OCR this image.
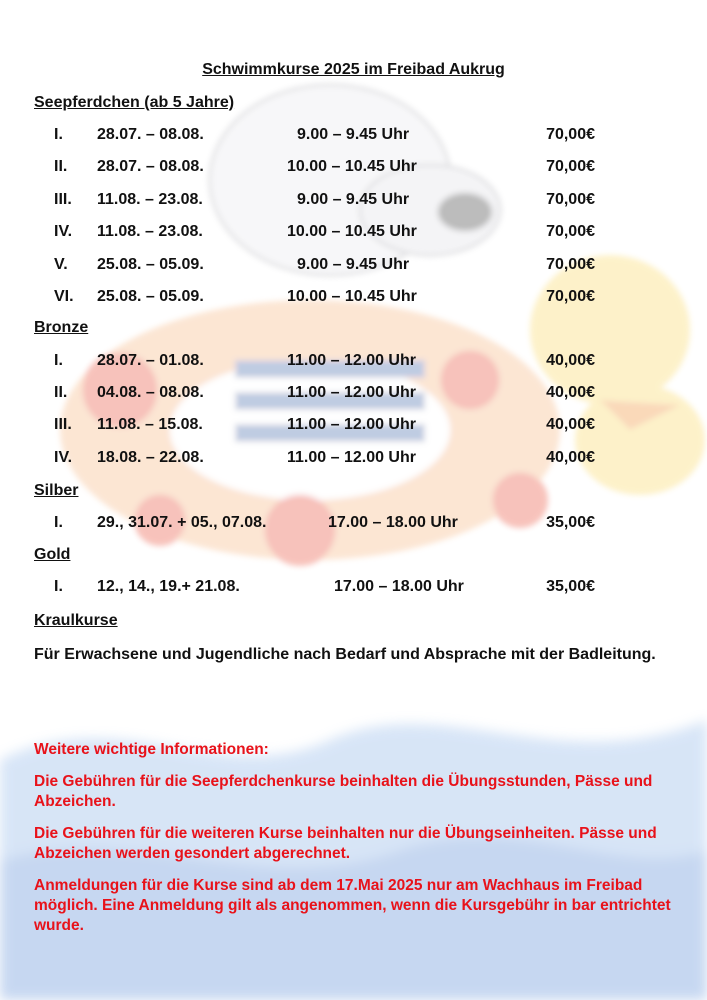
Schwimmkurse 2025 im Freibad Aukrug
Seepferdchen (ab 5 Jahre)
I. 28.07. – 08.08.	9.00 – 9.45 Uhr	70,00€
II. 28.07. – 08.08.	10.00 – 10.45 Uhr	70,00€
III. 11.08. – 23.08.	9.00 – 9.45 Uhr	70,00€
IV. 11.08. – 23.08.	10.00 – 10.45 Uhr	70,00€
V. 25.08. – 05.09.	9.00 – 9.45 Uhr	70,00€
VI. 25.08. – 05.09.	10.00 – 10.45 Uhr	70,00€
Bronze
I. 28.07. – 01.08.	11.00 – 12.00 Uhr	40,00€
II. 04.08. – 08.08.	11.00 – 12.00 Uhr	40,00€
III. 11.08. – 15.08.	11.00 – 12.00 Uhr	40,00€
IV. 18.08. – 22.08.	11.00 – 12.00 Uhr	40,00€
Silber
I. 29., 31.07. + 05., 07.08.	17.00 – 18.00 Uhr	35,00€
Gold
I. 12., 14., 19.+ 21.08.	17.00 – 18.00 Uhr	35,00€
Kraulkurse
Für Erwachsene und Jugendliche nach Bedarf und Absprache mit der Badleitung.
Weitere wichtige Informationen:
Die Gebühren für die Seepferdchenkurse beinhalten die Übungsstunden, Pässe und Abzeichen.
Die Gebühren für die weiteren Kurse beinhalten nur die Übungseinheiten. Pässe und Abzeichen werden gesondert abgerechnet.
Anmeldungen für die Kurse sind ab dem 17.Mai 2025 nur am Wachhaus im Freibad möglich. Eine Anmeldung gilt als angenommen, wenn die Kursgebühr in bar entrichtet wurde.
